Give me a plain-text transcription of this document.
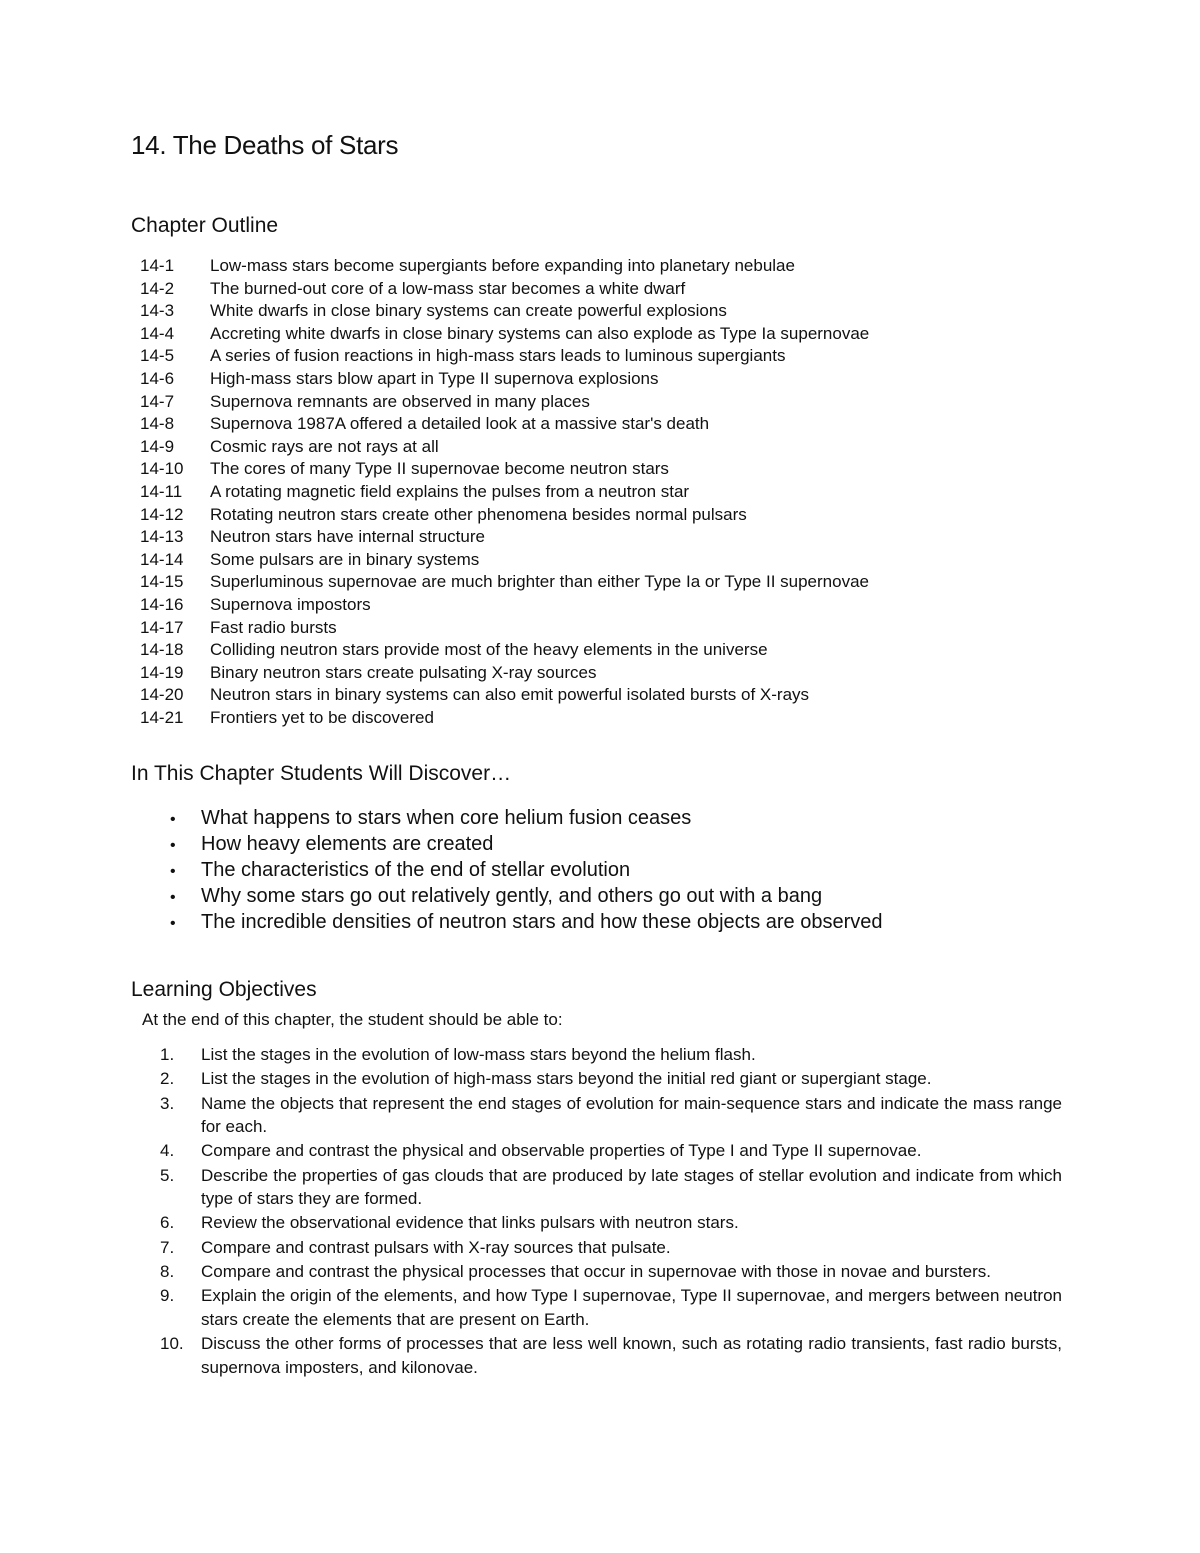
14. The Deaths of Stars
Chapter Outline
14-1 Low-mass stars become supergiants before expanding into planetary nebulae
14-2 The burned-out core of a low-mass star becomes a white dwarf
14-3 White dwarfs in close binary systems can create powerful explosions
14-4 Accreting white dwarfs in close binary systems can also explode as Type Ia supernovae
14-5 A series of fusion reactions in high-mass stars leads to luminous supergiants
14-6 High-mass stars blow apart in Type II supernova explosions
14-7 Supernova remnants are observed in many places
14-8 Supernova 1987A offered a detailed look at a massive star's death
14-9 Cosmic rays are not rays at all
14-10 The cores of many Type II supernovae become neutron stars
14-11 A rotating magnetic field explains the pulses from a neutron star
14-12 Rotating neutron stars create other phenomena besides normal pulsars
14-13 Neutron stars have internal structure
14-14 Some pulsars are in binary systems
14-15 Superluminous supernovae are much brighter than either Type Ia or Type II supernovae
14-16 Supernova impostors
14-17 Fast radio bursts
14-18 Colliding neutron stars provide most of the heavy elements in the universe
14-19 Binary neutron stars create pulsating X-ray sources
14-20 Neutron stars in binary systems can also emit powerful isolated bursts of X-rays
14-21 Frontiers yet to be discovered
In This Chapter Students Will Discover…
• What happens to stars when core helium fusion ceases
• How heavy elements are created
• The characteristics of the end of stellar evolution
• Why some stars go out relatively gently, and others go out with a bang
• The incredible densities of neutron stars and how these objects are observed
Learning Objectives

At the end of this chapter, the student should be able to:

1.	List the stages in the evolution of low-mass stars beyond the helium flash.
2.	List the stages in the evolution of high-mass stars beyond the initial red giant or supergiant stage.
3.	Name the objects that represent the end stages of evolution for main-sequence stars and indicate the mass range for each.
4.	Compare and contrast the physical and observable properties of Type I and Type II supernovae.
5.	Describe the properties of gas clouds that are produced by late stages of stellar evolution and indicate from which type of stars they are formed.
6.	Review the observational evidence that links pulsars with neutron stars.
7.	Compare and contrast pulsars with X-ray sources that pulsate.
8.	Compare and contrast the physical processes that occur in supernovae with those in novae and bursters.
9.	Explain the origin of the elements, and how Type I supernovae, Type II supernovae, and mergers between neutron stars create the elements that are present on Earth.
10.	Discuss the other forms of processes that are less well known, such as rotating radio transients, fast radio bursts, supernova imposters, and kilonovae.
